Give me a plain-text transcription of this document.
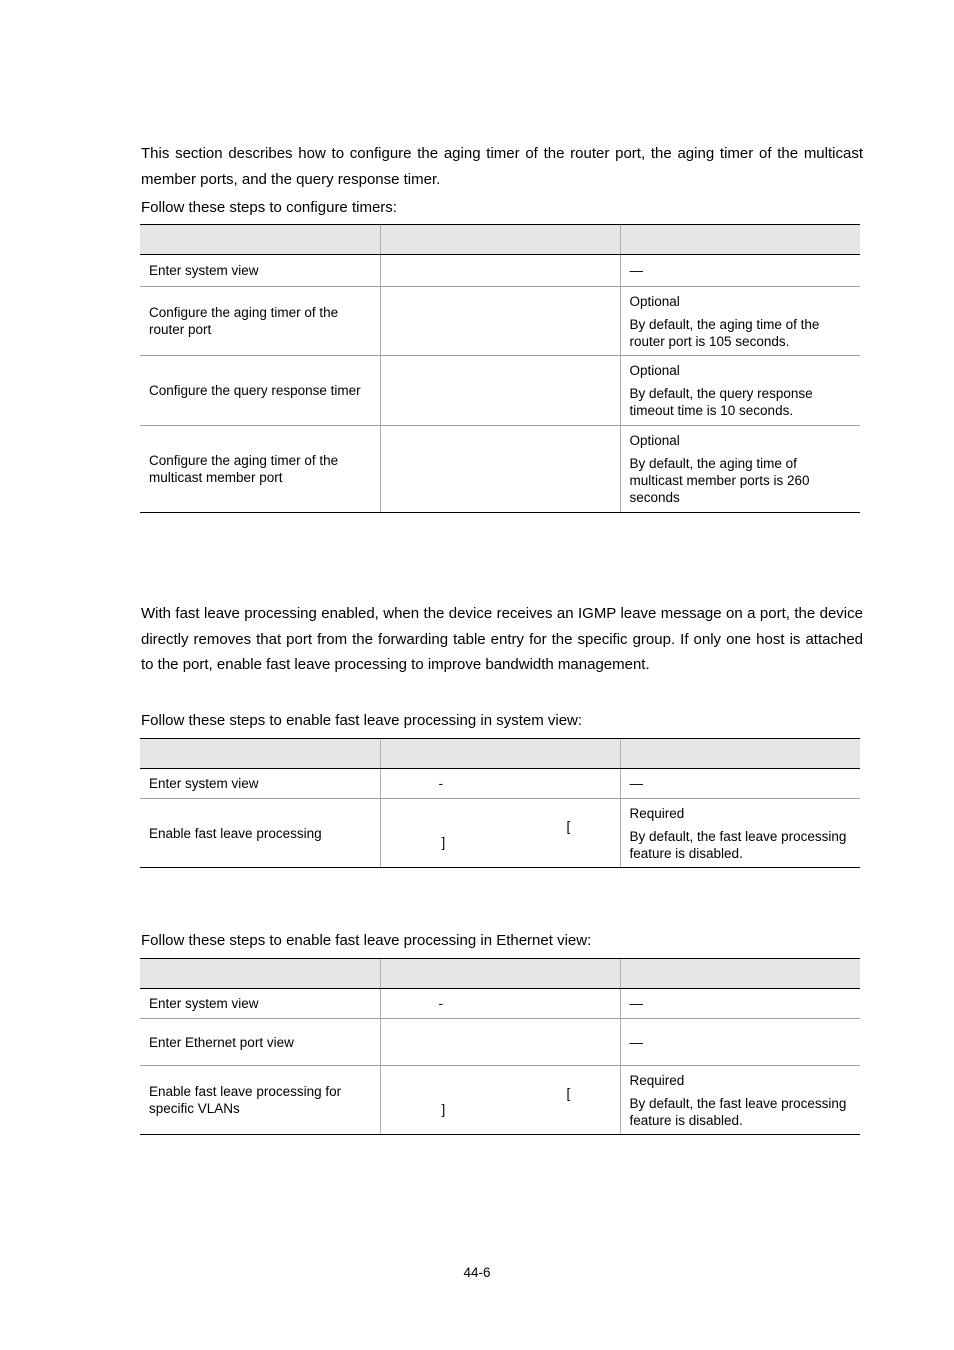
This section describes how to configure the aging timer of the router port, the aging timer of the multicast member ports, and the query response timer.

Follow these steps to configure timers:

Enter system view		—
Configure the aging timer of the router port		Optional
By default, the aging time of the router port is 105 seconds.

Configure the query response timer		Optional
By default, the query response timeout time is 10 seconds.

Configure the aging timer of the multicast member port		Optional
By default, the aging time of multicast member ports is 260 seconds

With fast leave processing enabled, when the device receives an IGMP leave message on a port, the device directly removes that port from the forwarding table entry for the specific group. If only one host is attached to the port, enable fast leave processing to improve bandwidth management.

Follow these steps to enable fast leave processing in system view:

Enter system view	-	—
Enable fast leave processing	[
]	Required
By default, the fast leave processing feature is disabled.

Follow these steps to enable fast leave processing in Ethernet view:

Enter system view	-	—
Enter Ethernet port view		—
Enable fast leave processing for specific VLANs	[
]	Required
By default, the fast leave processing feature is disabled.
44-6
